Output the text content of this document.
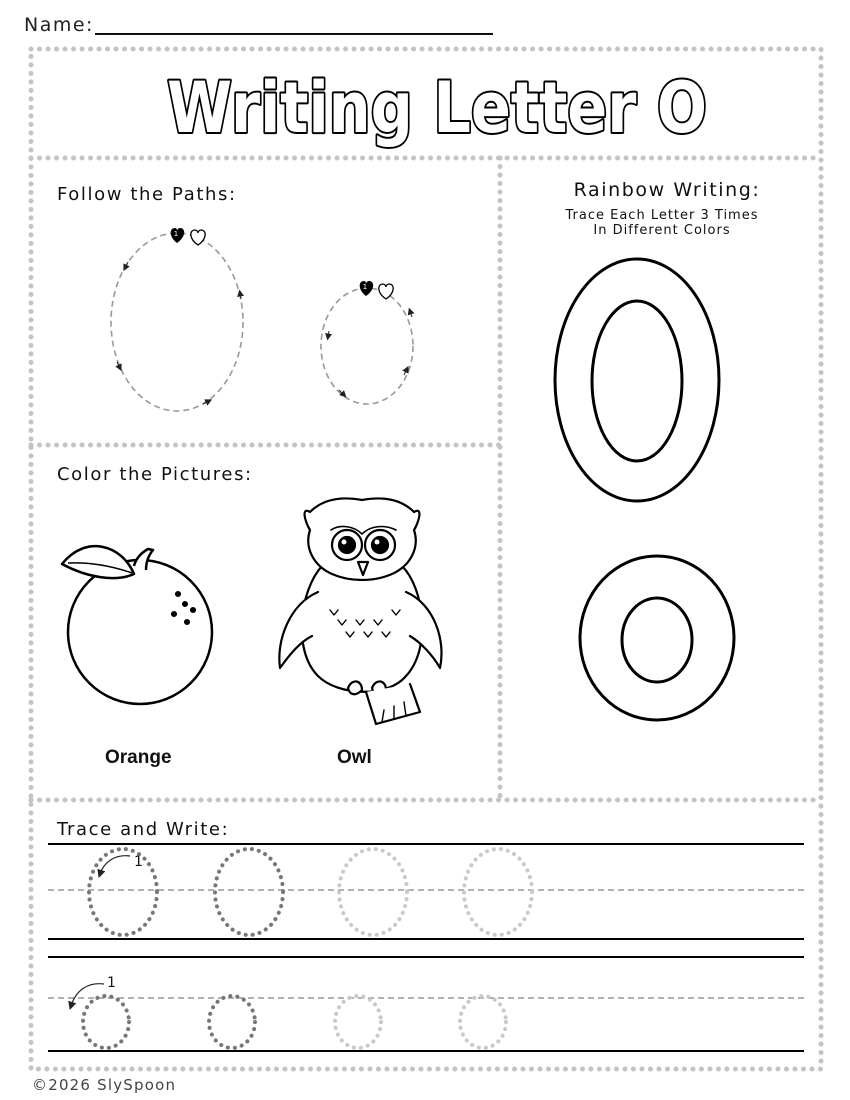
Name:
Writing Letter O
Follow the Paths:	Rainbow Writing:
Color the Pictures:
Trace and Write:
1
1
1
1
Trace Each Letter 3 Times
In Different Colors
Orange	Owl
©2026 SlySpoon
